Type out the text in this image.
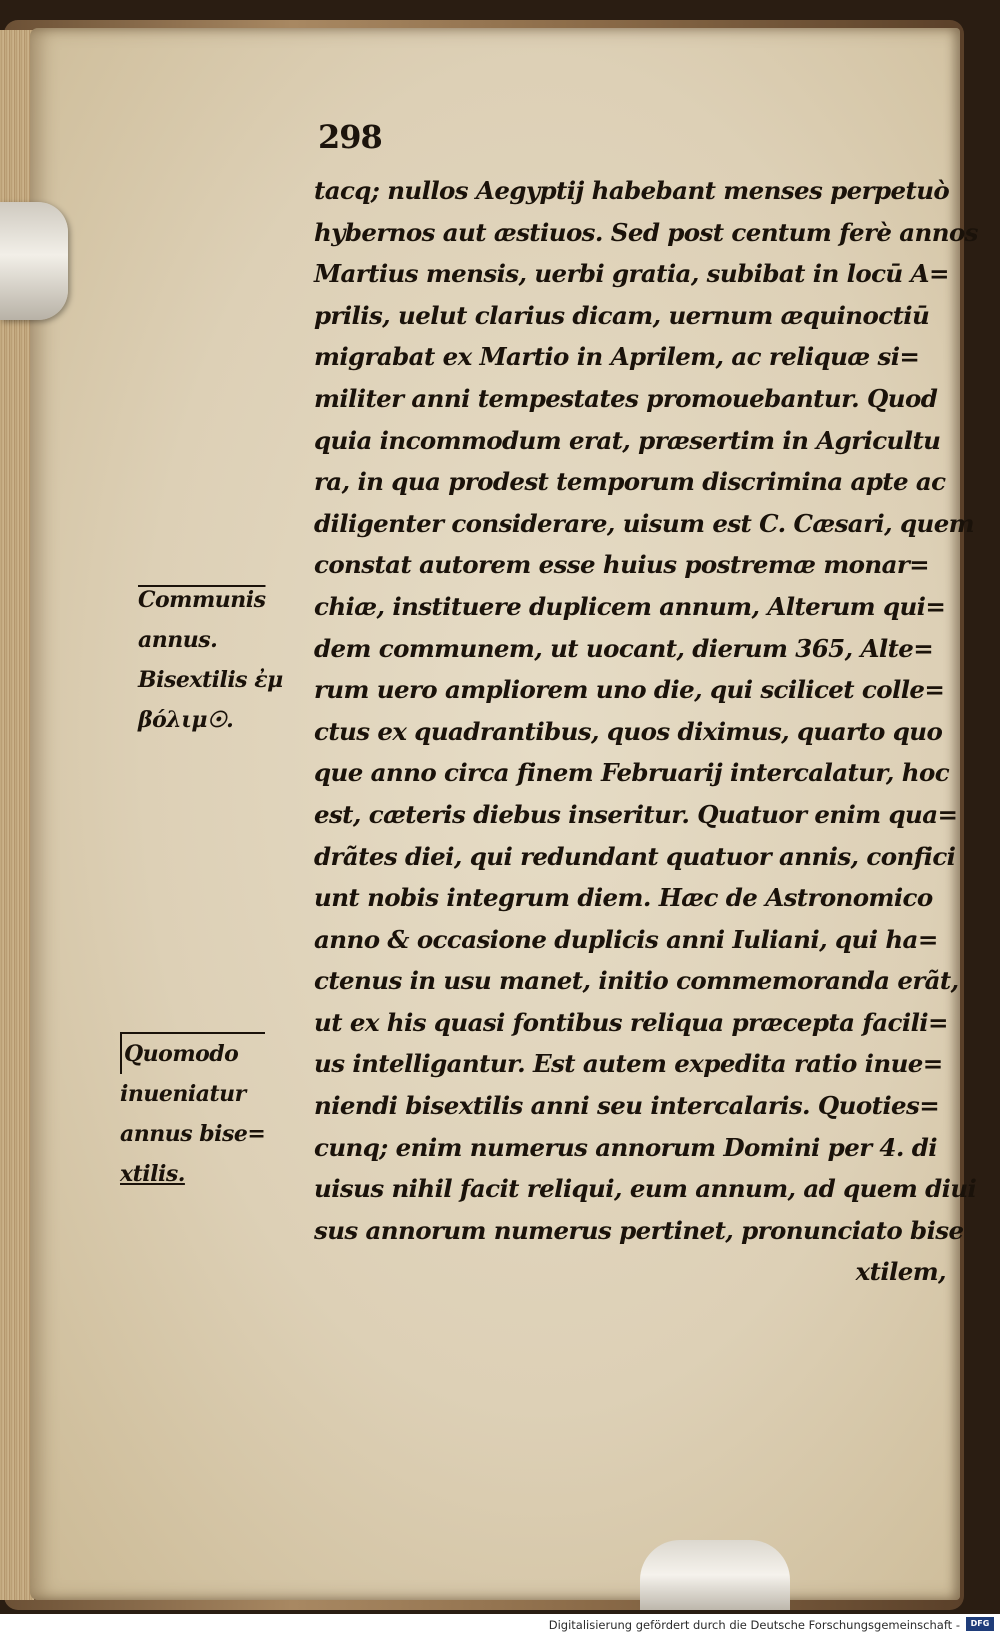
298
tacq; nullos Aegyptij habebant menses perpetuò
hybernos aut æstiuos. Sed post centum ferè annos
Martius mensis, uerbi gratia, subibat in locū A=
prilis, uelut clarius dicam, uernum æquinoctiū
migrabat ex Martio in Aprilem, ac reliquæ si=
militer anni tempestates promouebantur. Quod
quia incommodum erat, præsertim in Agricultu
ra, in qua prodest temporum discrimina apte ac
diligenter considerare, uisum est C. Cæsari, quem
constat autorem esse huius postremæ monar=
chiæ, instituere duplicem annum, Alterum qui=
dem communem, ut uocant, dierum 365, Alte=
rum uero ampliorem uno die, qui scilicet colle=
ctus ex quadrantibus, quos diximus, quarto quo
que anno circa finem Februarij intercalatur, hoc
est, cæteris diebus inseritur. Quatuor enim qua=
drãtes diei, qui redundant quatuor annis, confici
unt nobis integrum diem. Hæc de Astronomico
anno & occasione duplicis anni Iuliani, qui ha=
ctenus in usu manet, initio commemoranda erãt,
ut ex his quasi fontibus reliqua præcepta facili=
us intelligantur. Est autem expedita ratio inue=
niendi bisextilis anni seu intercalaris. Quoties=
cunq; enim numerus annorum Domini per 4. di
uisus nihil facit reliqui, eum annum, ad quem diui
sus annorum numerus pertinet, pronunciato bise
xtilem,
Communis
annus.
Bisextilis ἐμ
βόλιμ☉.
Quomodo
inueniatur
annus bise=
xtilis.
Digitalisierung gefördert durch die Deutsche Forschungsgemeinschaft -	DFG
